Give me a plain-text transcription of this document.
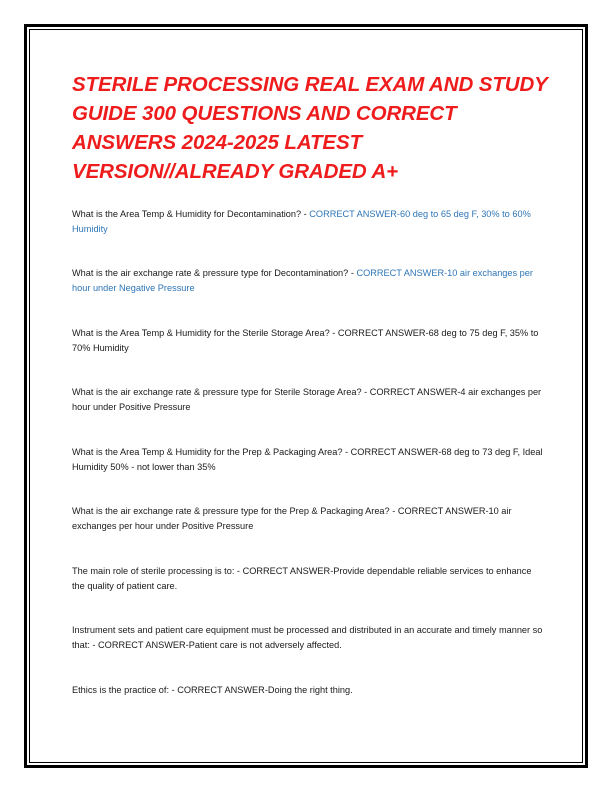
STERILE PROCESSING REAL EXAM AND STUDY GUIDE 300 QUESTIONS AND CORRECT ANSWERS 2024-2025 LATEST VERSION//ALREADY GRADED A+

What is the Area Temp & Humidity for Decontamination? - CORRECT ANSWER-60 deg to 65 deg F, 30% to 60% Humidity

What is the air exchange rate & pressure type for Decontamination? - CORRECT ANSWER-10 air exchanges per hour under Negative Pressure

What is the Area Temp & Humidity for the Sterile Storage Area? - CORRECT ANSWER-68 deg to 75 deg F, 35% to 70% Humidity

What is the air exchange rate & pressure type for Sterile Storage Area? - CORRECT ANSWER-4 air exchanges per hour under Positive Pressure

What is the Area Temp & Humidity for the Prep & Packaging Area? - CORRECT ANSWER-68 deg to 73 deg F, Ideal Humidity 50% - not lower than 35%

What is the air exchange rate & pressure type for the Prep & Packaging Area? - CORRECT ANSWER-10 air exchanges per hour under Positive Pressure

The main role of sterile processing is to: - CORRECT ANSWER-Provide dependable reliable services to enhance the quality of patient care.

Instrument sets and patient care equipment must be processed and distributed in an accurate and timely manner so that: - CORRECT ANSWER-Patient care is not adversely affected.

Ethics is the practice of: - CORRECT ANSWER-Doing the right thing.
